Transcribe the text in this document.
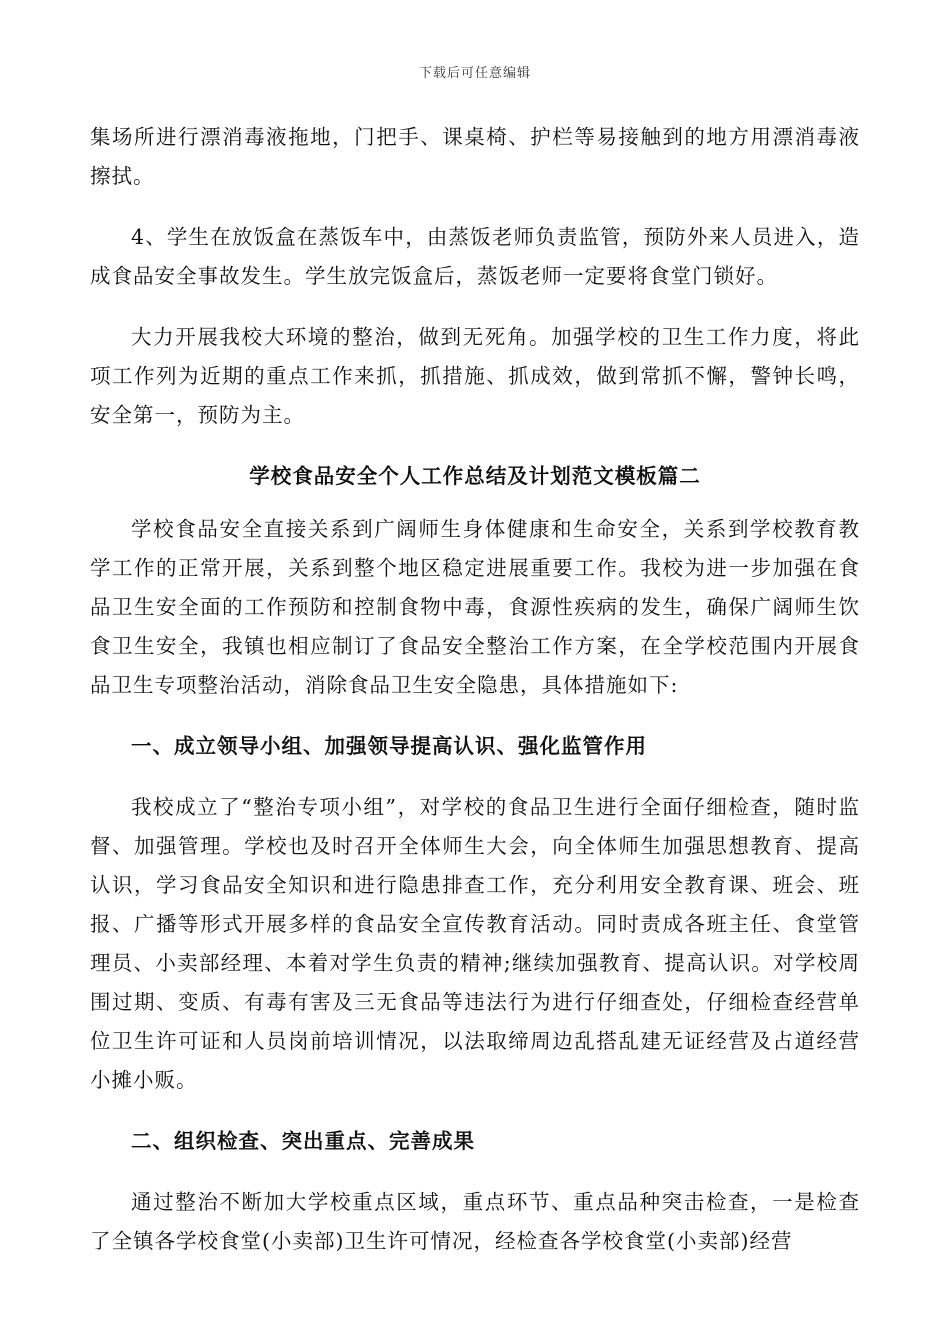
下载后可任意编辑

集场所进行漂消毒液拖地，门把手、课桌椅、护栏等易接触到的地方用漂消毒液擦拭。

4、学生在放饭盒在蒸饭车中，由蒸饭老师负责监管，预防外来人员进入，造成食品安全事故发生。学生放完饭盒后，蒸饭老师一定要将食堂门锁好。

大力开展我校大环境的整治，做到无死角。加强学校的卫生工作力度，将此项工作列为近期的重点工作来抓，抓措施、抓成效，做到常抓不懈，警钟长鸣，安全第一，预防为主。

学校食品安全个人工作总结及计划范文模板篇二

学校食品安全直接关系到广阔师生身体健康和生命安全，关系到学校教育教学工作的正常开展，关系到整个地区稳定进展重要工作。我校为进一步加强在食品卫生安全面的工作预防和控制食物中毒，食源性疾病的发生，确保广阔师生饮食卫生安全，我镇也相应制订了食品安全整治工作方案，在全学校范围内开展食品卫生专项整治活动，消除食品卫生安全隐患，具体措施如下:

一、成立领导小组、加强领导提高认识、强化监管作用

我校成立了“整治专项小组”，对学校的食品卫生进行全面仔细检查，随时监督、加强管理。学校也及时召开全体师生大会，向全体师生加强思想教育、提高认识，学习食品安全知识和进行隐患排查工作，充分利用安全教育课、班会、班报、广播等形式开展多样的食品安全宣传教育活动。同时责成各班主任、食堂管理员、小卖部经理、本着对学生负责的精神;继续加强教育、提高认识。对学校周围过期、变质、有毒有害及三无食品等违法行为进行仔细查处，仔细检查经营单位卫生许可证和人员岗前培训情况，以法取缔周边乱搭乱建无证经营及占道经营小摊小贩。

二、组织检查、突出重点、完善成果

通过整治不断加大学校重点区域，重点环节、重点品种突击检查，一是检查了全镇各学校食堂(小卖部)卫生许可情况，经检查各学校食堂(小卖部)经营
